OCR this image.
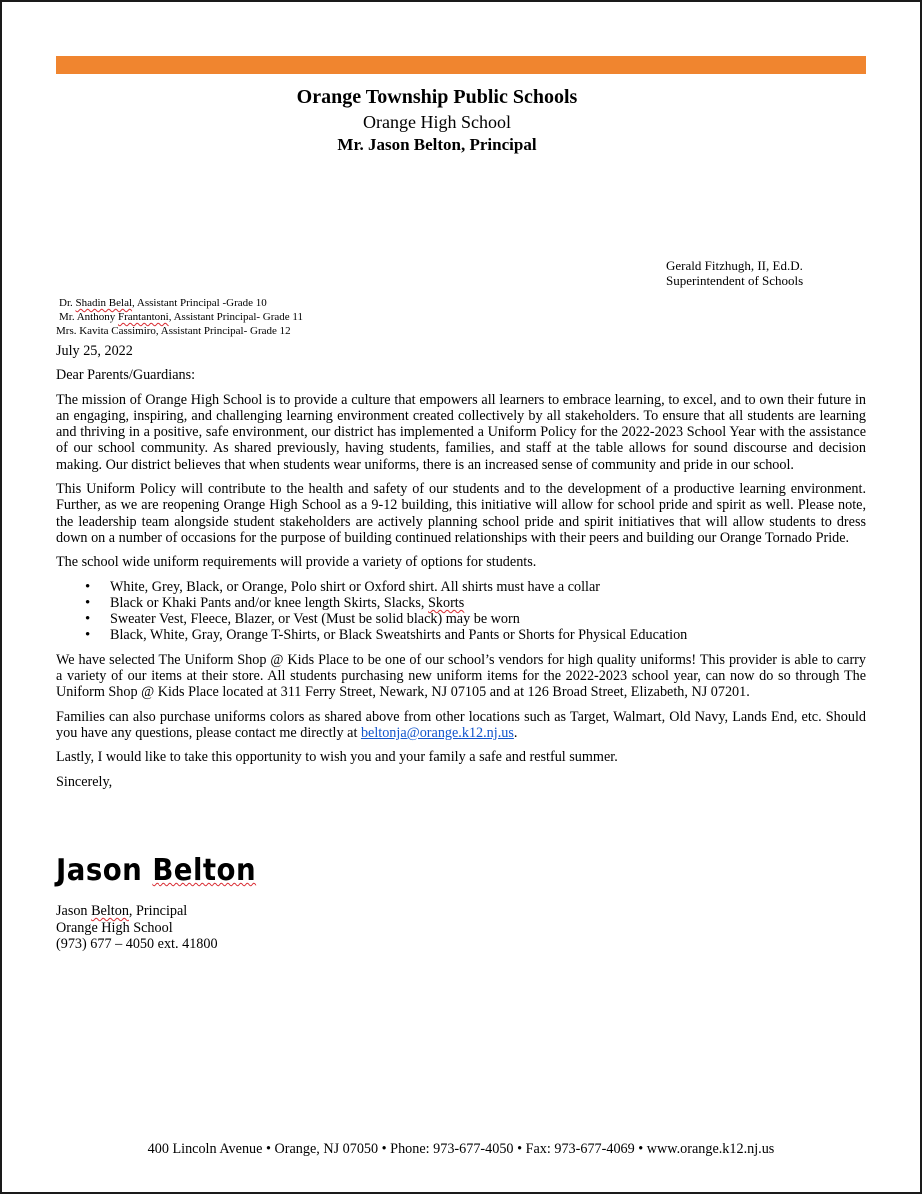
Orange Township Public Schools
Orange High School
Mr. Jason Belton, Principal
Gerald Fitzhugh, II, Ed.D.
Superintendent of Schools
Dr. Shadin Belal, Assistant Principal -Grade 10
Mr. Anthony Frantantoni, Assistant Principal- Grade 11
Mrs. Kavita Cassimiro, Assistant Principal- Grade 12

July 25, 2022

Dear Parents/Guardians:

The mission of Orange High School is to provide a culture that empowers all learners to embrace learning, to excel, and to own their future in an engaging, inspiring, and challenging learning environment created collectively by all stakeholders. To ensure that all students are learning and thriving in a positive, safe environment, our district has implemented a Uniform Policy for the 2022-2023 School Year with the assistance of our school community. As shared previously, having students, families, and staff at the table allows for sound discourse and decision making. Our district believes that when students wear uniforms, there is an increased sense of community and pride in our school.

This Uniform Policy will contribute to the health and safety of our students and to the development of a productive learning environment. Further, as we are reopening Orange High School as a 9-12 building, this initiative will allow for school pride and spirit as well. Please note, the leadership team alongside student stakeholders are actively planning school pride and spirit initiatives that will allow students to dress down on a number of occasions for the purpose of building continued relationships with their peers and building our Orange Tornado Pride.

The school wide uniform requirements will provide a variety of options for students.

• White, Grey, Black, or Orange, Polo shirt or Oxford shirt. All shirts must have a collar
• Black or Khaki Pants and/or knee length Skirts, Slacks, Skorts
• Sweater Vest, Fleece, Blazer, or Vest (Must be solid black) may be worn
• Black, White, Gray, Orange T-Shirts, or Black Sweatshirts and Pants or Shorts for Physical Education

We have selected The Uniform Shop @ Kids Place to be one of our school’s vendors for high quality uniforms! This provider is able to carry a variety of our items at their store. All students purchasing new uniform items for the 2022-2023 school year, can now do so through The Uniform Shop @ Kids Place located at 311 Ferry Street, Newark, NJ 07105 and at 126 Broad Street, Elizabeth, NJ 07201.

Families can also purchase uniforms colors as shared above from other locations such as Target, Walmart, Old Navy, Lands End, etc. Should you have any questions, please contact me directly at beltonja@orange.k12.nj.us.

Lastly, I would like to take this opportunity to wish you and your family a safe and restful summer.

Sincerely,

Jason Belton
Jason Belton, Principal
Orange High School
(973) 677 – 4050 ext. 41800
400 Lincoln Avenue • Orange, NJ 07050 • Phone: 973-677-4050 • Fax: 973-677-4069 • www.orange.k12.nj.us
